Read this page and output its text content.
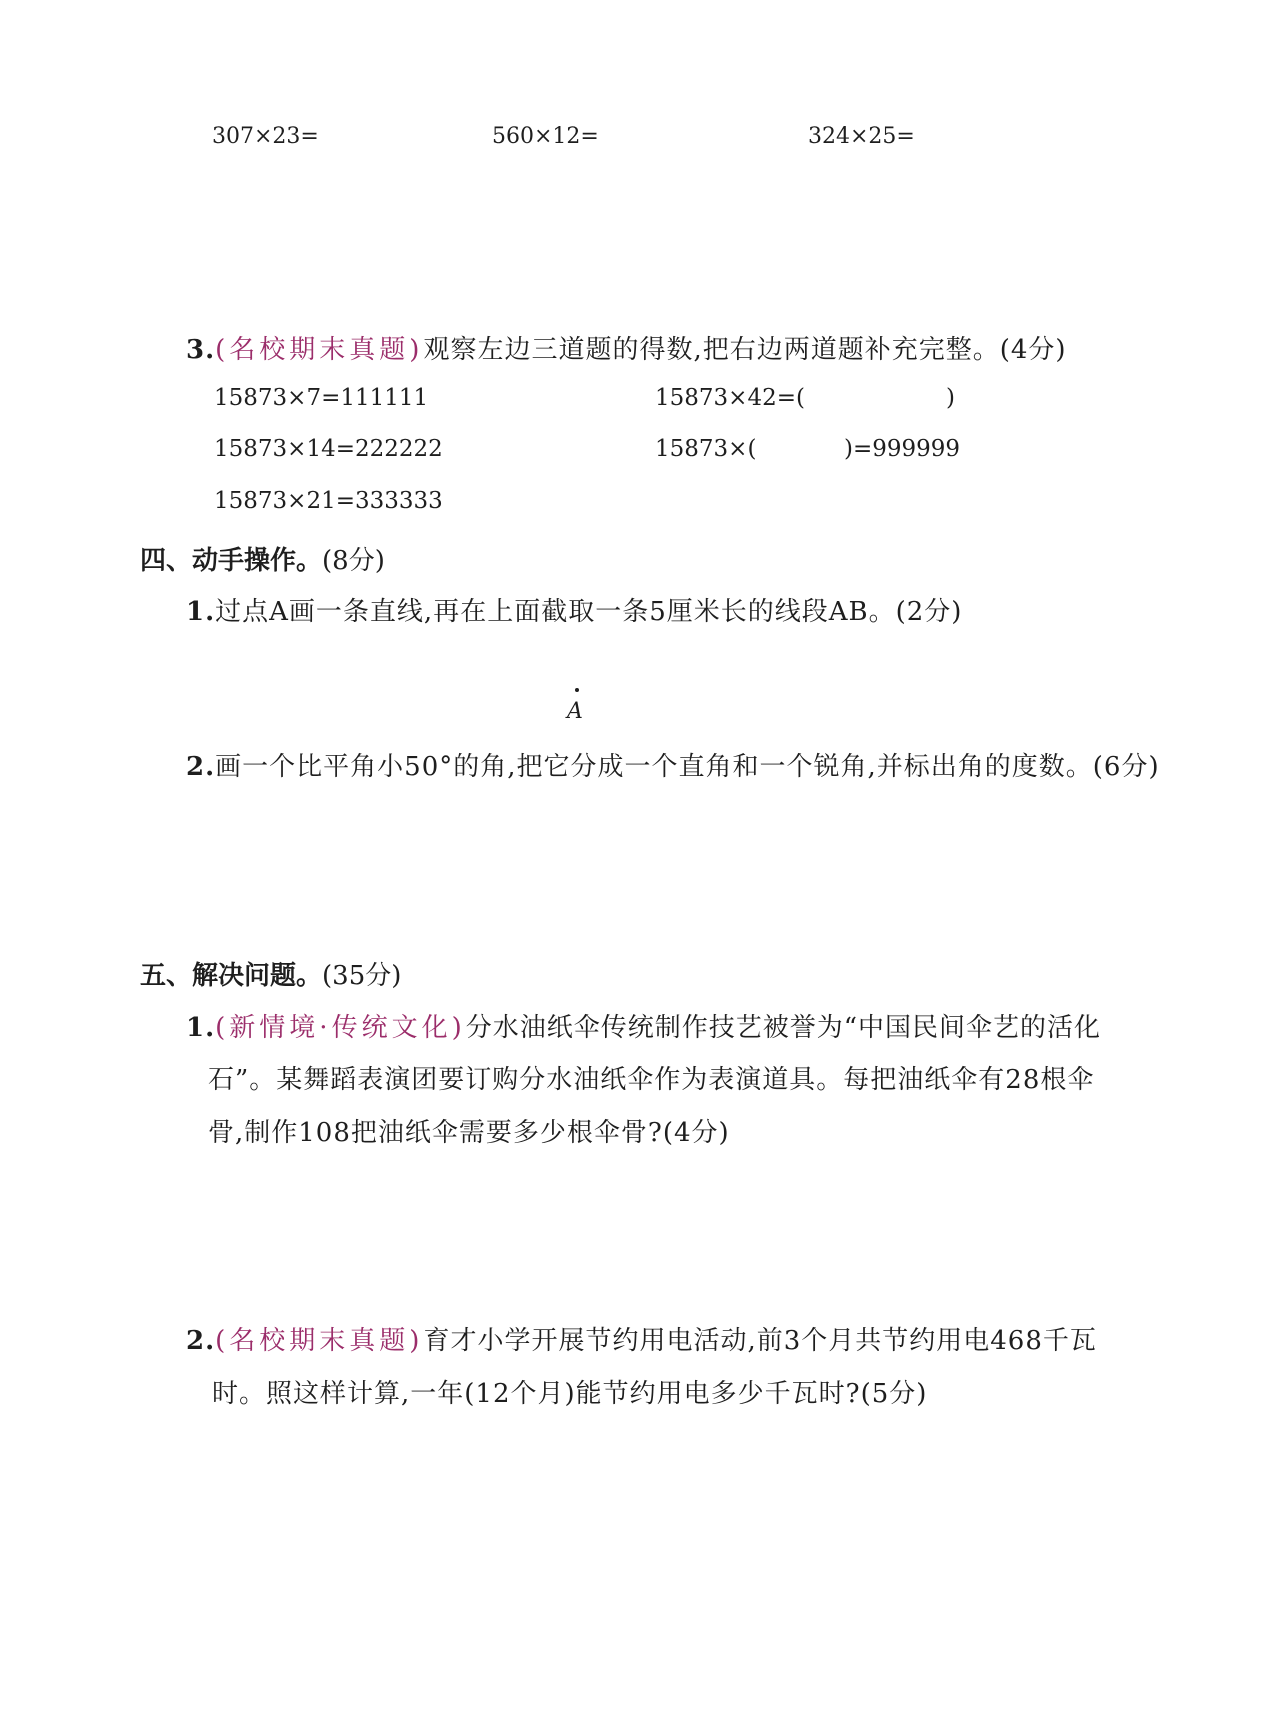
307×23=	560×12=	324×25=
3.(名校期末真题)观察左边三道题的得数,把右边两道题补充完整。(4分)
15873×7=111111
15873×14=222222
15873×21=333333
15873×42=(	)
15873×(	)=999999
四、动手操作。(8分)
1.过点A画一条直线,再在上面截取一条5厘米长的线段AB。(2分)
A
2.画一个比平角小50°的角,把它分成一个直角和一个锐角,并标出角的度数。(6分)
五、解决问题。(35分)
1.(新情境·传统文化)分水油纸伞传统制作技艺被誉为“中国民间伞艺的活化
石”。某舞蹈表演团要订购分水油纸伞作为表演道具。每把油纸伞有28根伞
骨,制作108把油纸伞需要多少根伞骨?(4分)
2.(名校期末真题)育才小学开展节约用电活动,前3个月共节约用电468千瓦
时。照这样计算,一年(12个月)能节约用电多少千瓦时?(5分)
